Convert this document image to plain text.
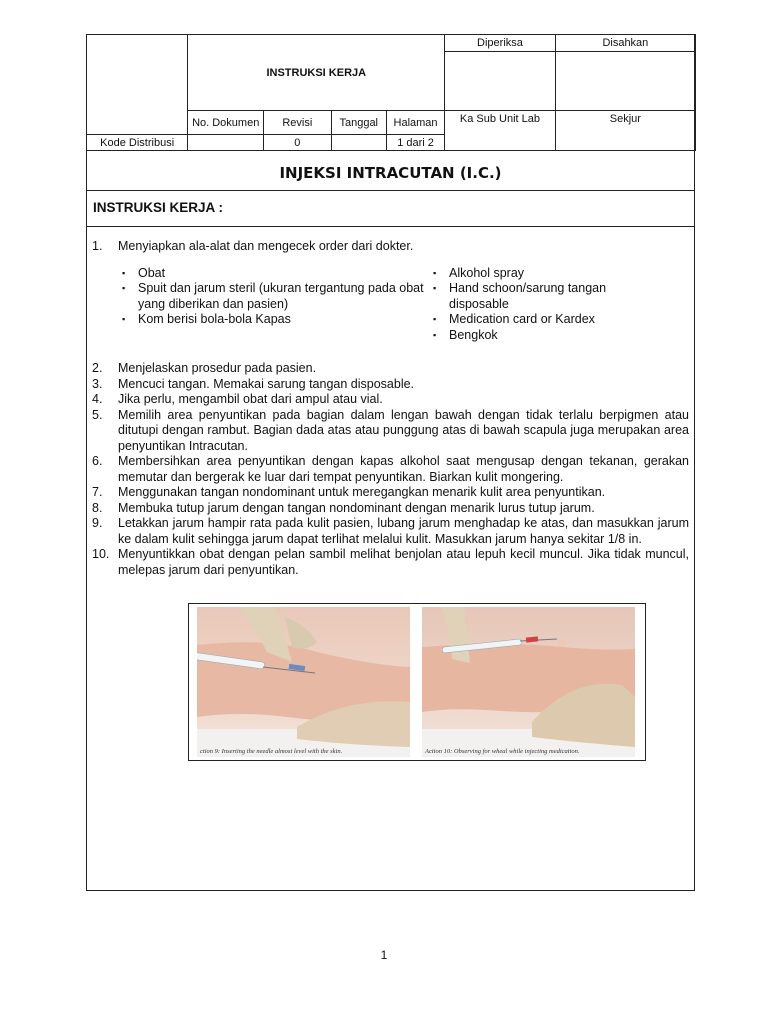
	INSTRUKSI KERJA				Diperiksa	Disahkan

	No. Dokumen	Revisi	Tanggal	Halaman	Ka Sub Unit Lab	Sekjur
Kode Distribusi		0		1 dari 2		
INJEKSI INTRACUTAN (I.C.)
INSTRUKSI KERJA :
1.	Menyiapkan ala-alat dan mengecek order dari dokter.
▪	Obat
▪	Spuit dan jarum steril (ukuran tergantung pada obat yang diberikan dan pasien)
▪	Kom berisi bola-bola Kapas
▪	Alkohol spray
▪	Hand schoon/sarung tangan disposable
▪	Medication card or Kardex
▪	Bengkok
2.	Menjelaskan prosedur pada pasien.
3.	Mencuci tangan. Memakai sarung tangan disposable.
4.	Jika perlu, mengambil obat dari ampul atau vial.
5.	Memilih area penyuntikan pada bagian dalam lengan bawah dengan tidak terlalu berpigmen atau ditutupi dengan rambut. Bagian dada atas atau punggung atas di bawah scapula juga merupakan area penyuntikan Intracutan.
6.	Membersihkan area penyuntikan dengan kapas alkohol saat mengusap dengan tekanan, gerakan memutar dan bergerak ke luar dari tempat penyuntikan. Biarkan kulit mongering.
7.	Menggunakan tangan nondominant untuk meregangkan menarik kulit area penyuntikan.
8.	Membuka tutup jarum dengan tangan nondominant dengan menarik lurus tutup jarum.
9.	Letakkan jarum hampir rata pada kulit pasien, lubang jarum menghadap ke atas, dan masukkan jarum ke dalam kulit sehingga jarum dapat terlihat melalui kulit. Masukkan jarum hanya sekitar 1/8 in.
10. Menyuntikkan obat dengan pelan sambil melihat benjolan atau lepuh kecil muncul. Jika tidak muncul, melepas jarum dari penyuntikan.
ction 9: Inserting the needle almost level with the skin.	Action 10: Observing for wheal while injecting medication.
1
